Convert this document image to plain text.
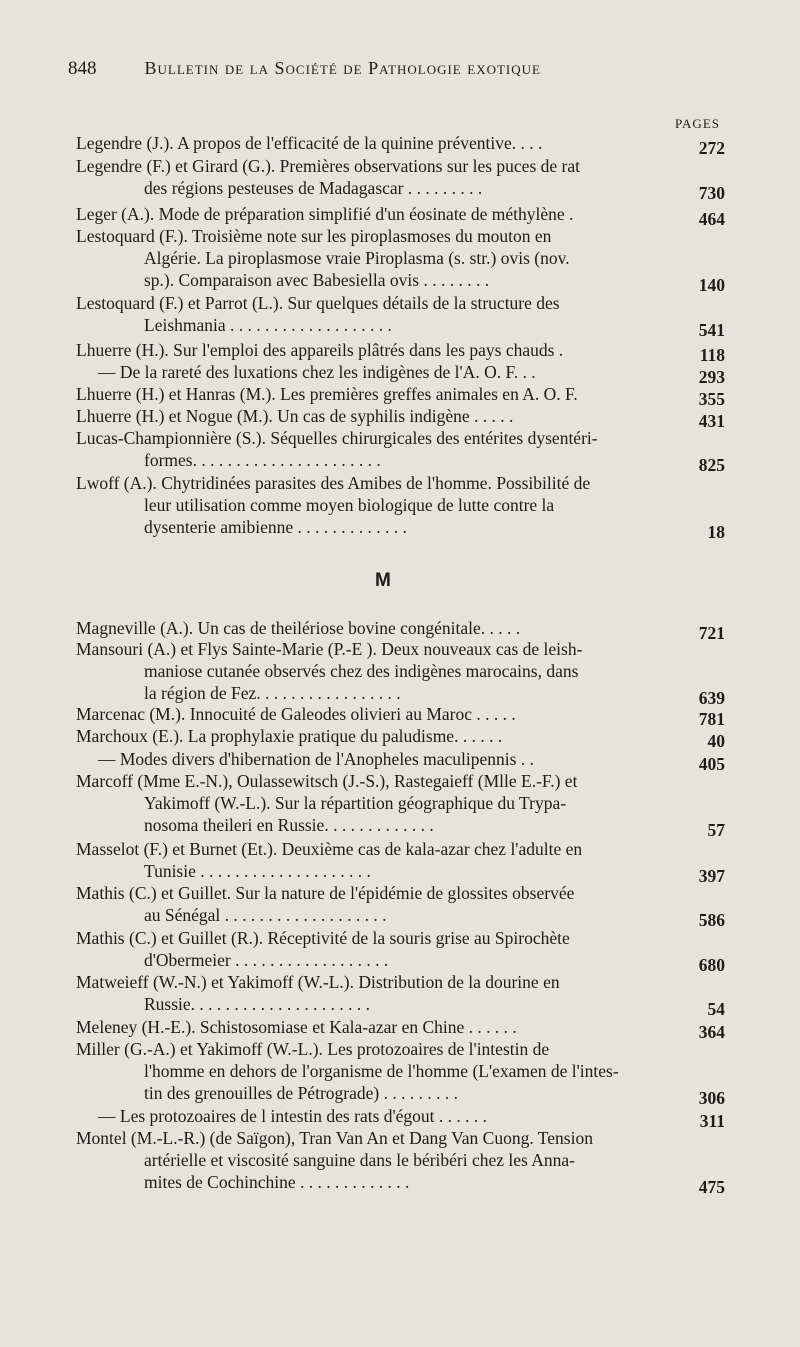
848	Bulletin de la Société de Pathologie exotique
PAGES
M
Legendre (J.). A propos de l'efficacité de la quinine préventive. . . .	272
Legendre (F.) et Girard (G.). Premières observations sur les puces de rat
des régions pesteuses de Madagascar . . . . . . . . .	730
Leger (A.). Mode de préparation simplifié d'un éosinate de méthylène .	464
Lestoquard (F.). Troisième note sur les piroplasmoses du mouton en
Algérie. La piroplasmose vraie Piroplasma (s. str.) ovis (nov.
sp.). Comparaison avec Babesiella ovis . . . . . . . .	140
Lestoquard (F.) et Parrot (L.). Sur quelques détails de la structure des
Leishmania . . . . . . . . . . . . . . . . . . .	541
Lhuerre (H.). Sur l'emploi des appareils plâtrés dans les pays chauds .	118
— De la rareté des luxations chez les indigènes de l'A. O. F. . .	293
Lhuerre (H.) et Hanras (M.). Les premières greffes animales en A. O. F.	355
Lhuerre (H.) et Nogue (M.). Un cas de syphilis indigène . . . . .	431
Lucas-Championnière (S.). Séquelles chirurgicales des entérites dysentéri-
formes. . . . . . . . . . . . . . . . . . . . . .	825
Lwoff (A.). Chytridinées parasites des Amibes de l'homme. Possibilité de
leur utilisation comme moyen biologique de lutte contre la
dysenterie amibienne . . . . . . . . . . . . .	18
Magneville (A.). Un cas de theilériose bovine congénitale. . . . .	721
Mansouri (A.) et Flys Sainte-Marie (P.-E ). Deux nouveaux cas de leish-
maniose cutanée observés chez des indigènes marocains, dans
la région de Fez. . . . . . . . . . . . . . . . .	639
Marcenac (M.). Innocuité de Galeodes olivieri au Maroc . . . . .	781
Marchoux (E.). La prophylaxie pratique du paludisme. . . . . .	40
— Modes divers d'hibernation de l'Anopheles maculipennis . .	405
Marcoff (Mme E.-N.), Oulassewitsch (J.-S.), Rastegaieff (Mlle E.-F.) et
Yakimoff (W.-L.). Sur la répartition géographique du Trypa-
nosoma theileri en Russie. . . . . . . . . . . . .	57
Masselot (F.) et Burnet (Et.). Deuxième cas de kala-azar chez l'adulte en
Tunisie . . . . . . . . . . . . . . . . . . . .	397
Mathis (C.) et Guillet. Sur la nature de l'épidémie de glossites observée
au Sénégal . . . . . . . . . . . . . . . . . . .	586
Mathis (C.) et Guillet (R.). Réceptivité de la souris grise au Spirochète
d'Obermeier . . . . . . . . . . . . . . . . . .	680
Matweieff (W.-N.) et Yakimoff (W.-L.). Distribution de la dourine en
Russie. . . . . . . . . . . . . . . . . . . . .	54
Meleney (H.-E.). Schistosomiase et Kala-azar en Chine . . . . . .	364
Miller (G.-A.) et Yakimoff (W.-L.). Les protozoaires de l'intestin de
l'homme en dehors de l'organisme de l'homme (L'examen de l'intes-
tin des grenouilles de Pétrograde) . . . . . . . . .	306
— Les protozoaires de l intestin des rats d'égout . . . . . .	311
Montel (M.-L.-R.) (de Saïgon), Tran Van An et Dang Van Cuong. Tension
artérielle et viscosité sanguine dans le béribéri chez les Anna-
mites de Cochinchine . . . . . . . . . . . . .	475
